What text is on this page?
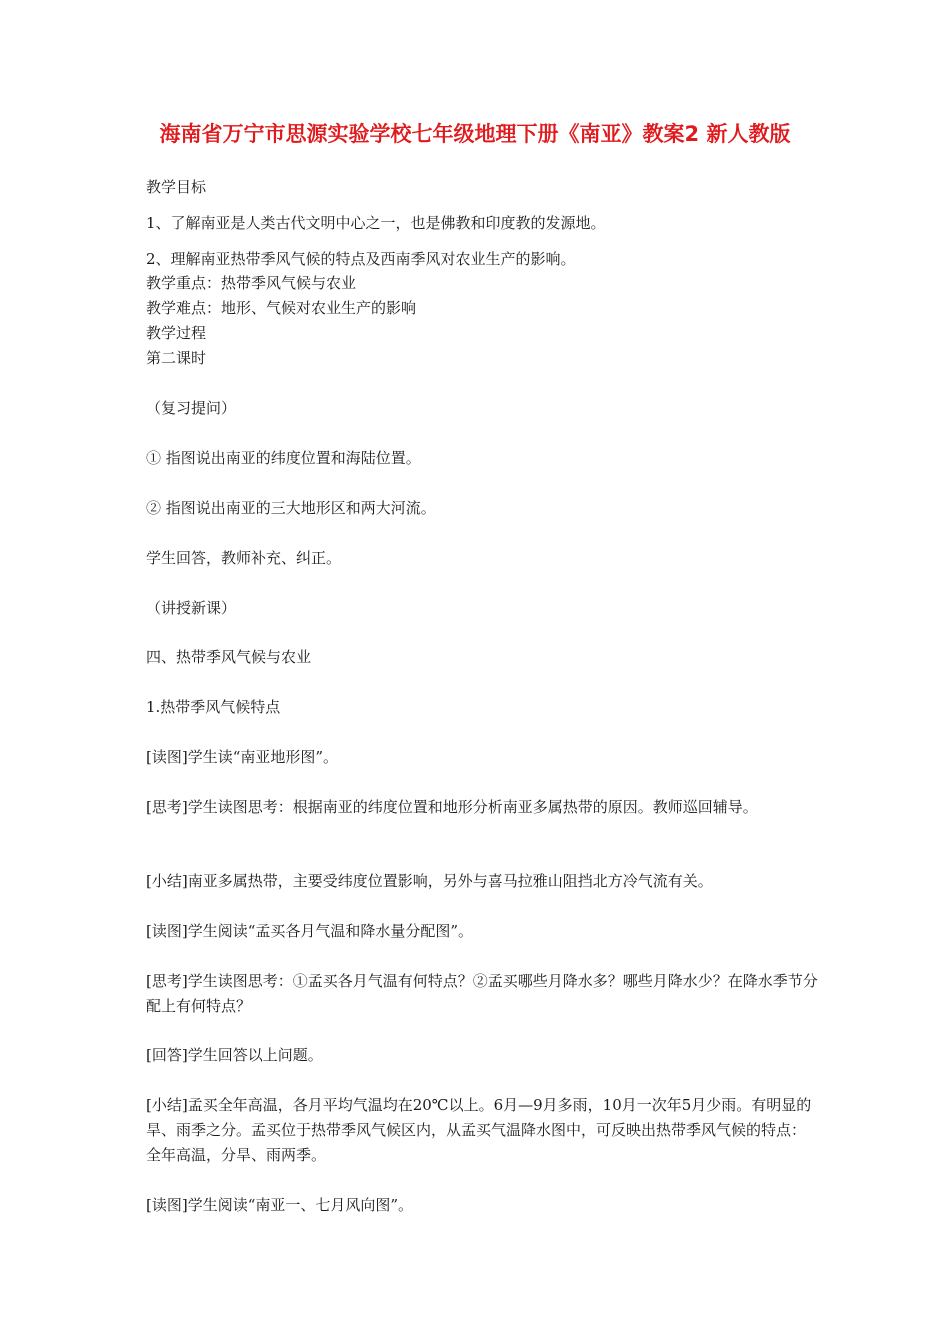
海南省万宁市思源实验学校七年级地理下册《南亚》教案2 新人教版

教学目标

1、了解南亚是人类古代文明中心之一，也是佛教和印度教的发源地。

2、理解南亚热带季风气候的特点及西南季风对农业生产的影响。

教学重点：热带季风气候与农业

教学难点：地形、气候对农业生产的影响

教学过程

第二课时

（复习提问）

① 指图说出南亚的纬度位置和海陆位置。

② 指图说出南亚的三大地形区和两大河流。

学生回答，教师补充、纠正。

（讲授新课）

四、热带季风气候与农业

1.热带季风气候特点

[读图]学生读“南亚地形图”。

[思考]学生读图思考：根据南亚的纬度位置和地形分析南亚多属热带的原因。教师巡回辅导。

[小结]南亚多属热带，主要受纬度位置影响，另外与喜马拉雅山阻挡北方冷气流有关。

[读图]学生阅读“孟买各月气温和降水量分配图”。

[思考]学生读图思考：①孟买各月气温有何特点？②孟买哪些月降水多？哪些月降水少？在降水季节分配上有何特点？

[回答]学生回答以上问题。

[小结]孟买全年高温，各月平均气温均在20℃以上。6月—9月多雨，10月一次年5月少雨。有明显的旱、雨季之分。孟买位于热带季风气候区内，从孟买气温降水图中，可反映出热带季风气候的特点：全年高温，分旱、雨两季。

[读图]学生阅读“南亚一、七月风向图”。
